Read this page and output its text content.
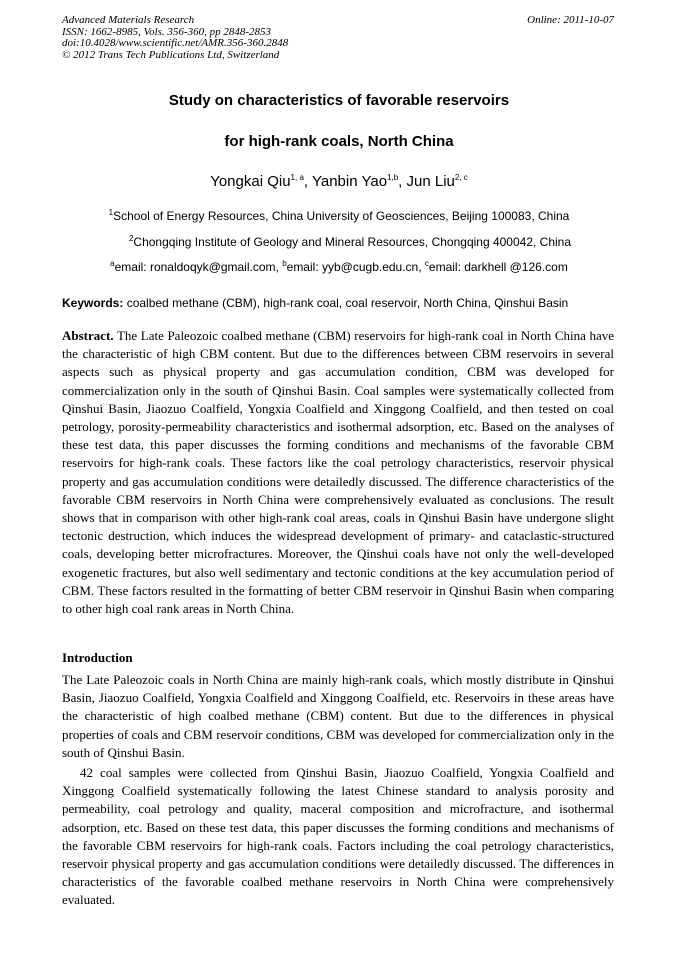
Advanced Materials Research
ISSN: 1662-8985, Vols. 356-360, pp 2848-2853
doi:10.4028/www.scientific.net/AMR.356-360.2848
© 2012 Trans Tech Publications Ltd, Switzerland
Online: 2011-10-07
Study on characteristics of favorable reservoirs
for high-rank coals, North China
Yongkai Qiu$^{1, a}$, Yanbin Yao$^{1,b}$, Jun Liu$^{2, c}$
$^1$School of Energy Resources, China University of Geosciences, Beijing 100083, China
$^2$Chongqing Institute of Geology and Mineral Resources, Chongqing 400042, China
$^a$email: ronaldoqyk@gmail.com, $^b$email: yyb@cugb.edu.cn, $^c$email: darkhell @126.com
Keywords: coalbed methane (CBM), high-rank coal, coal reservoir, North China, Qinshui Basin

Abstract. The Late Paleozoic coalbed methane (CBM) reservoirs for high-rank coal in North China have the characteristic of high CBM content. But due to the differences between CBM reservoirs in several aspects such as physical property and gas accumulation condition, CBM was developed for commercialization only in the south of Qinshui Basin. Coal samples were systematically collected from Qinshui Basin, Jiaozuo Coalfield, Yongxia Coalfield and Xinggong Coalfield, and then tested on coal petrology, porosity-permeability characteristics and isothermal adsorption, etc. Based on the analyses of these test data, this paper discusses the forming conditions and mechanisms of the favorable CBM reservoirs for high-rank coals. These factors like the coal petrology characteristics, reservoir physical property and gas accumulation conditions were detailedly discussed. The difference characteristics of the favorable CBM reservoirs in North China were comprehensively evaluated as conclusions. The result shows that in comparison with other high-rank coal areas, coals in Qinshui Basin have undergone slight tectonic destruction, which induces the widespread development of primary- and cataclastic-structured coals, developing better microfractures. Moreover, the Qinshui coals have not only the well-developed exogenetic fractures, but also well sedimentary and tectonic conditions at the key accumulation period of CBM. These factors resulted in the formatting of better CBM reservoir in Qinshui Basin when comparing to other high coal rank areas in North China.

Introduction

The Late Paleozoic coals in North China are mainly high-rank coals, which mostly distribute in Qinshui Basin, Jiaozuo Coalfield, Yongxia Coalfield and Xinggong Coalfield, etc. Reservoirs in these areas have the characteristic of high coalbed methane (CBM) content. But due to the differences in physical properties of coals and CBM reservoir conditions, CBM was developed for commercialization only in the south of Qinshui Basin.

42 coal samples were collected from Qinshui Basin, Jiaozuo Coalfield, Yongxia Coalfield and Xinggong Coalfield systematically following the latest Chinese standard to analysis porosity and permeability, coal petrology and quality, maceral composition and microfracture, and isothermal adsorption, etc. Based on these test data, this paper discusses the forming conditions and mechanisms of the favorable CBM reservoirs for high-rank coals. Factors including the coal petrology characteristics, reservoir physical property and gas accumulation conditions were detailedly discussed. The differences in characteristics of the favorable coalbed methane reservoirs in North China were comprehensively evaluated.
